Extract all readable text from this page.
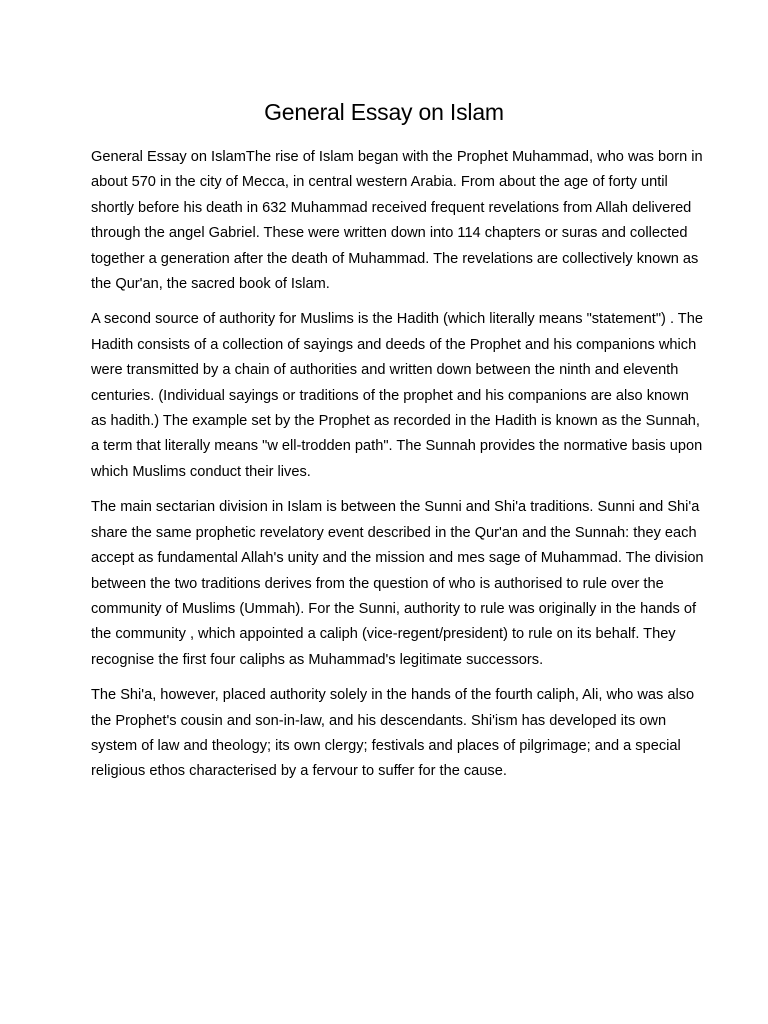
General Essay on Islam

General Essay on IslamThe rise of Islam began with the Prophet Muhammad, who was born in about 570 in the city of Mecca, in central western Arabia. From about the age of forty until shortly before his death in 632 Muhammad received frequent revelations from Allah delivered through the angel Gabriel. These were written down into 114 chapters or suras and collected together a generation after the death of Muhammad. The revelations are collectively known as the Qur'an, the sacred book of Islam.

A second source of authority for Muslims is the Hadith (which literally means "statement") . The Hadith consists of a collection of sayings and deeds of the Prophet and his companions which were transmitted by a chain of authorities and written down between the ninth and eleventh centuries. (Individual sayings or traditions of the prophet and his companions are also known as hadith.) The example set by the Prophet as recorded in the Hadith is known as the Sunnah, a term that literally means "w ell-trodden path". The Sunnah provides the normative basis upon which Muslims conduct their lives.

The main sectarian division in Islam is between the Sunni and Shi'a traditions. Sunni and Shi'a share the same prophetic revelatory event described in the Qur'an and the Sunnah: they each accept as fundamental Allah's unity and the mission and mes sage of Muhammad. The division between the two traditions derives from the question of who is authorised to rule over the community of Muslims (Ummah). For the Sunni, authority to rule was originally in the hands of the community , which appointed a caliph (vice-regent/president) to rule on its behalf. They recognise the first four caliphs as Muhammad's legitimate successors.

The Shi'a, however, placed authority solely in the hands of the fourth caliph, Ali, who was also the Prophet's cousin and son-in-law, and his descendants. Shi'ism has developed its own system of law and theology; its own clergy; festivals and places of pilgrimage; and a special religious ethos characterised by a fervour to suffer for the cause.
